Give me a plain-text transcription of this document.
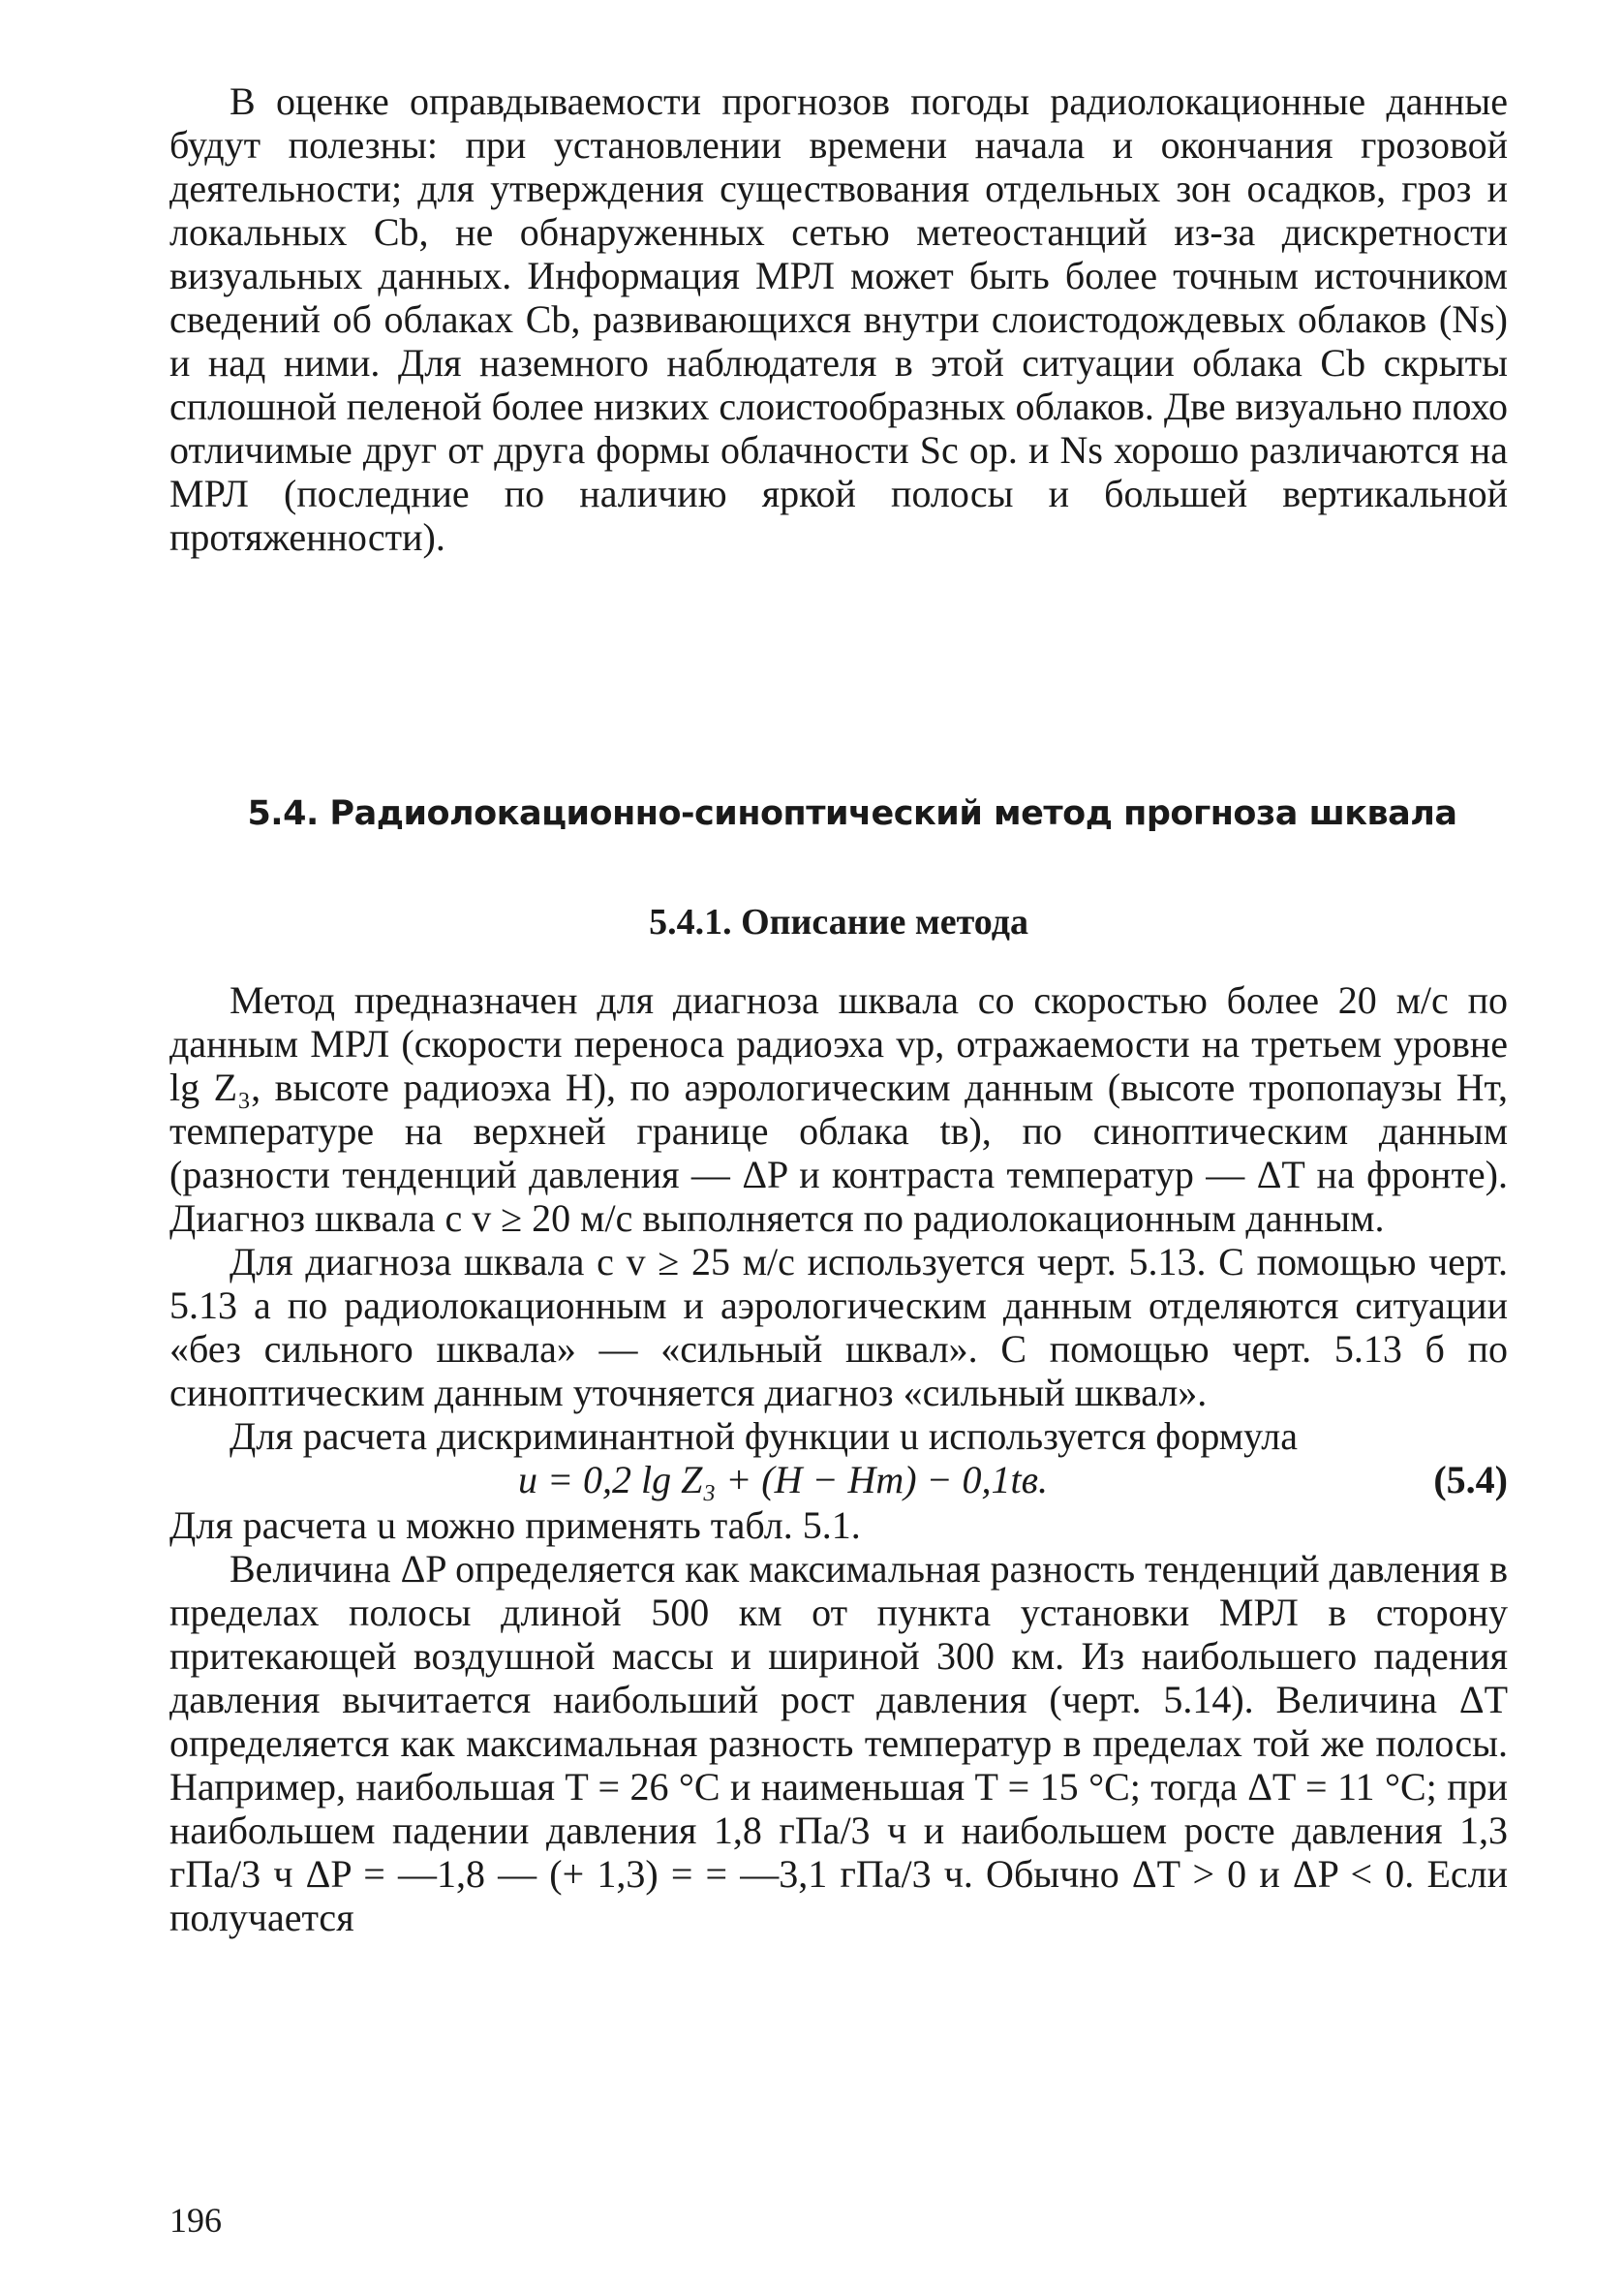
В оценке оправдываемости прогнозов погоды радиолокационные данные будут полезны: при установлении времени начала и окончания грозовой деятельности; для утверждения существования отдельных зон осадков, гроз и локальных Cb, не обнаруженных сетью метеостанций из-за дискретности визуальных данных. Информация МРЛ может быть более точным источником сведений об облаках Cb, развивающихся внутри слоистодождевых облаков (Ns) и над ними. Для наземного наблюдателя в этой ситуации облака Cb скрыты сплошной пеленой более низких слоистообразных облаков. Две визуально плохо отличимые друг от друга формы облачности Sc op. и Ns хорошо различаются на МРЛ (последние по наличию яркой полосы и большей вертикальной протяженности).

5.4. Радиолокационно-синоптический метод прогноза шквала
5.4.1. Описание метода

Метод предназначен для диагноза шквала со скоростью более 20 м/с по данным МРЛ (скорости переноса радиоэха vр, отражаемости на третьем уровне lg Z₃, высоте радиоэха H), по аэрологическим данным (высоте тропопаузы Hт, температуре на верхней границе облака tв), по синоптическим данным (разности тенденций давления — ΔP и контраста температур — ΔT на фронте). Диагноз шквала с v ≥ 20 м/с выполняется по радиолокационным данным.

Для диагноза шквала с v ≥ 25 м/с используется черт. 5.13. С помощью черт. 5.13 а по радиолокационным и аэрологическим данным отделяются ситуации «без сильного шквала» — «сильный шквал». С помощью черт. 5.13 б по синоптическим данным уточняется диагноз «сильный шквал».

Для расчета дискриминантной функции u используется формула

u = 0,2 lg Z₃ + (H − Hт) − 0,1tв.	(5.4)

Для расчета u можно применять табл. 5.1.

Величина ΔP определяется как максимальная разность тенденций давления в пределах полосы длиной 500 км от пункта установки МРЛ в сторону притекающей воздушной массы и шириной 300 км. Из наибольшего падения давления вычитается наибольший рост давления (черт. 5.14). Величина ΔT определяется как максимальная разность температур в пределах той же полосы. Например, наибольшая T = 26 °C и наименьшая T = 15 °C; тогда ΔT = 11 °C; при наибольшем падении давления 1,8 гПа/3 ч и наибольшем росте давления 1,3 гПа/3 ч ΔP = —1,8 — (+ 1,3) = = —3,1 гПа/3 ч. Обычно ΔT > 0 и ΔP < 0. Если получается

196
